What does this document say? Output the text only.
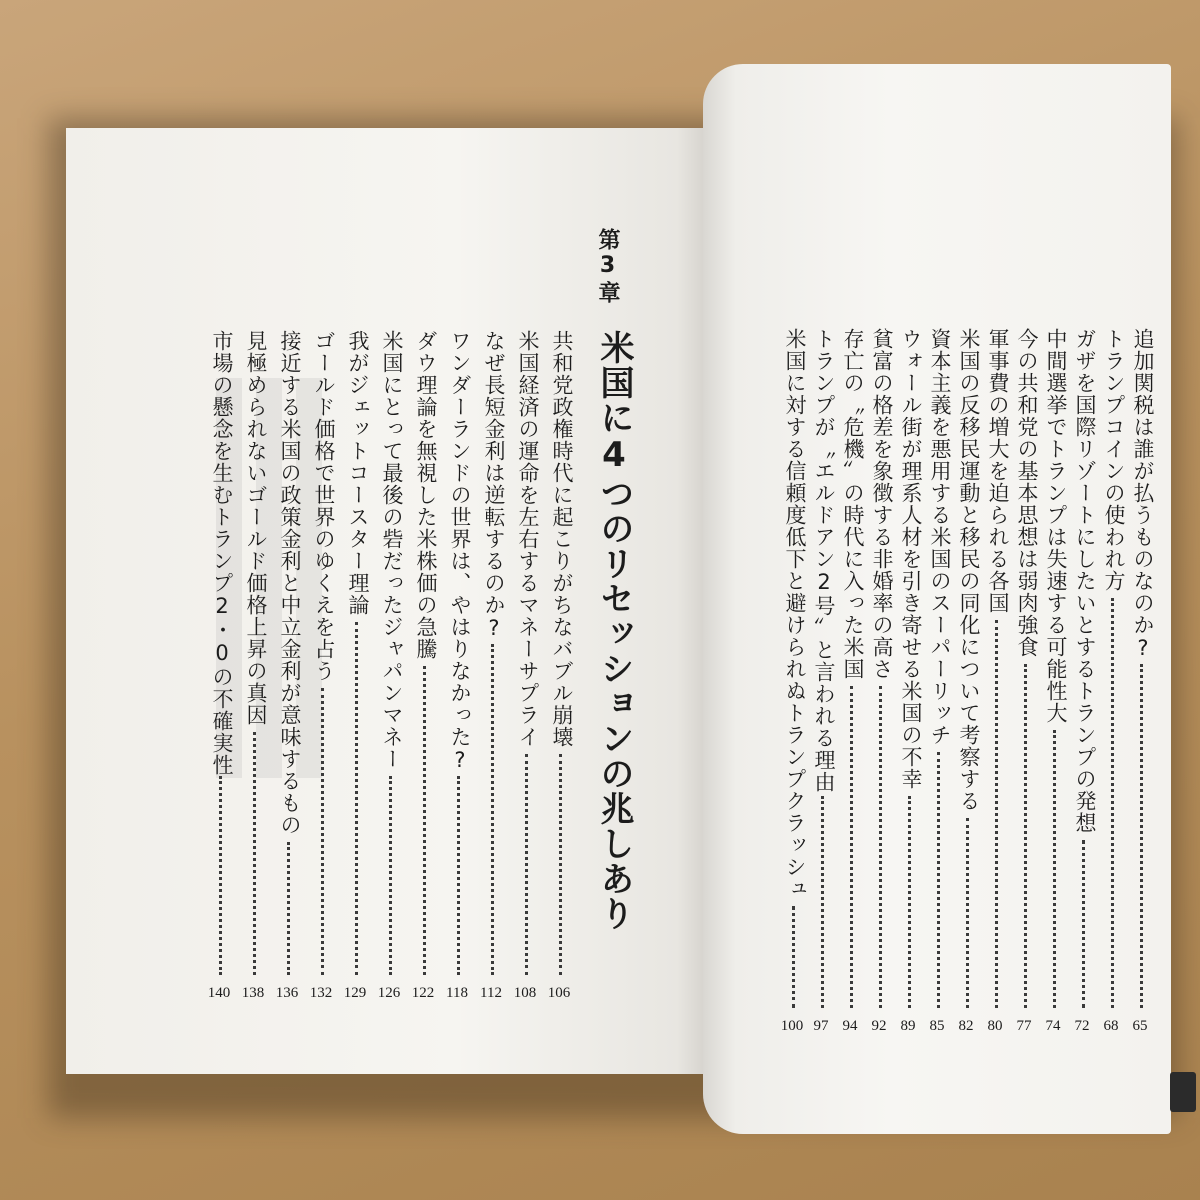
第3章
米国に4つのリセッションの兆しあり
共和党政権時代に起こりがちなバブル崩壊
106
米国経済の運命を左右するマネーサプライ
108
なぜ長短金利は逆転するのか?
112
ワンダーランドの世界は、やはりなかった?
118
ダウ理論を無視した米株価の急騰
122
米国にとって最後の砦だったジャパンマネー
126
我がジェットコースター理論
129
ゴールド価格で世界のゆくえを占う
132
接近する米国の政策金利と中立金利が意味するもの
136
見極められないゴールド価格上昇の真因
138
市場の懸念を生むトランプ2・0の不確実性
140
追加関税は誰が払うものなのか?
65
トランプコインの使われ方
68
ガザを国際リゾートにしたいとするトランプの発想
72
中間選挙でトランプは失速する可能性大
74
今の共和党の基本思想は弱肉強食
77
軍事費の増大を迫られる各国
80
米国の反移民運動と移民の同化について考察する
82
資本主義を悪用する米国のスーパーリッチ
85
ウォール街が理系人材を引き寄せる米国の不幸
89
貧富の格差を象徴する非婚率の高さ
92
存亡の〝危機〟の時代に入った米国
94
トランプが〝エルドアン2号〟と言われる理由
97
米国に対する信頼度低下と避けられぬトランプクラッシュ
100
